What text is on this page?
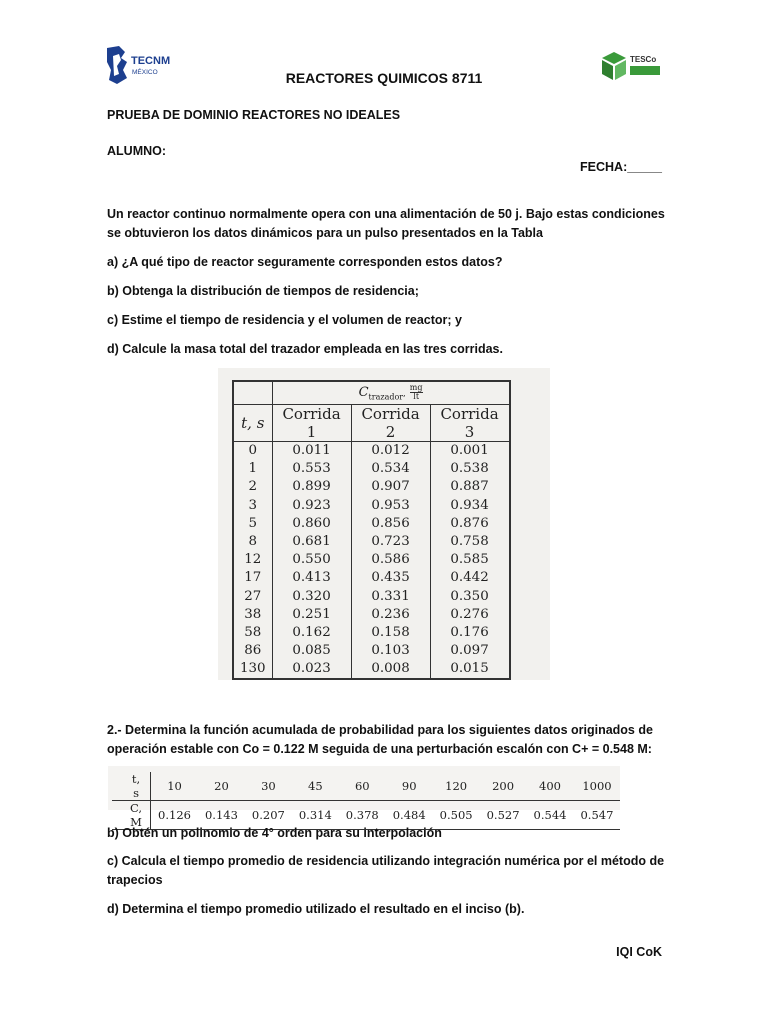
TECNM
MÉXICO
TESCo
REACTORES QUIMICOS 8711
PRUEBA DE DOMINIO REACTORES NO IDEALES
ALUMNO:
FECHA:_____
Un reactor continuo normalmente opera con una alimentación de 50 j. Bajo estas condiciones se obtuvieron los datos dinámicos para un pulso presentados en la Tabla
a) ¿A qué tipo de reactor seguramente corresponden estos datos?
b) Obtenga la distribución de tiempos de residencia;
c) Estime el tiempo de residencia y el volumen de reactor; y
d) Calcule la masa total del trazador empleada en las tres corridas.
	$C_{trazador}$, $\frac{mg}{lt}$

t, s	Corrida 1	Corrida 2	Corrida 3
0	0.011	0.012	0.001
1	0.553	0.534	0.538
2	0.899	0.907	0.887
3	0.923	0.953	0.934
5	0.860	0.856	0.876
8	0.681	0.723	0.758
12	0.550	0.586	0.585
17	0.413	0.435	0.442
27	0.320	0.331	0.350
38	0.251	0.236	0.276
58	0.162	0.158	0.176
86	0.085	0.103	0.097
130	0.023	0.008	0.015
2.- Determina la función acumulada de probabilidad para los siguientes datos originados de operación estable con Co = 0.122 M seguida de una perturbación escalón con C+ = 0.548 M:
t, s	10	20	30	45	60	90	120	200	400	1000
C, M	0.126	0.143	0.207	0.314	0.378	0.484	0.505	0.527	0.544	0.547
b) Obtén un polinomio de 4° orden para su interpolación
c) Calcula el tiempo promedio de residencia utilizando integración numérica por el método de trapecios
d) Determina el tiempo promedio utilizado el resultado en el inciso (b).
IQI CoK
